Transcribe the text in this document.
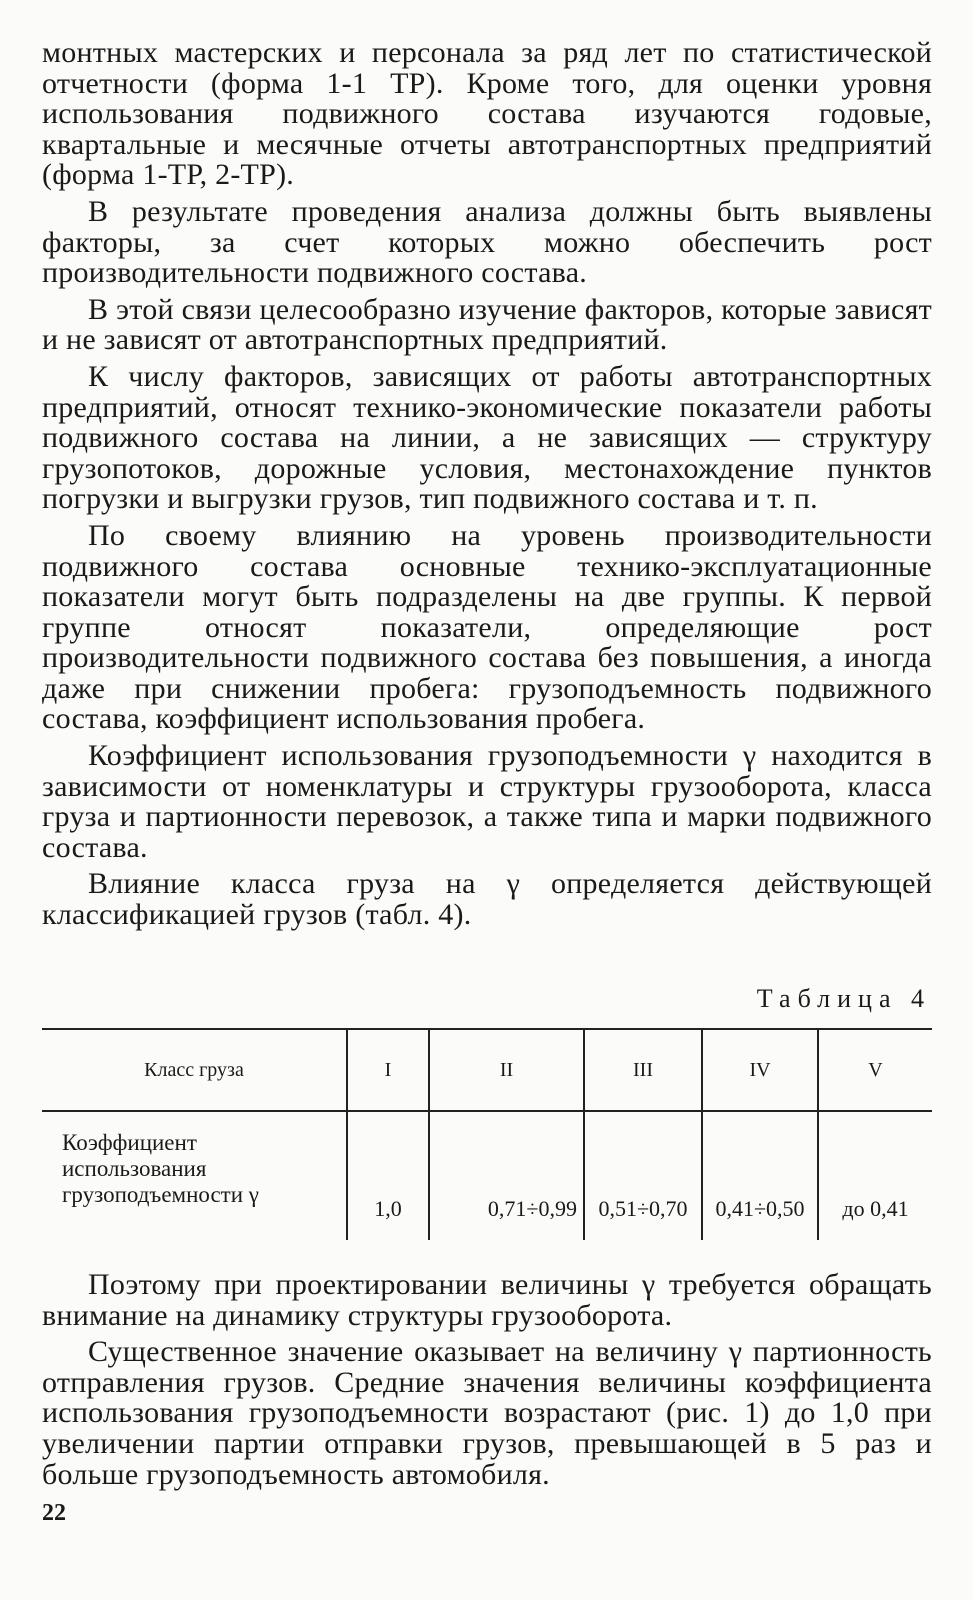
монтных мастерских и персонала за ряд лет по статистической отчетности (форма 1-1 ТР). Кроме того, для оценки уровня использования подвижного состава изучаются годовые, квартальные и месячные отчеты автотранспортных предприятий (форма 1-ТР, 2-ТР).

В результате проведения анализа должны быть выявлены факторы, за счет которых можно обеспечить рост производительности подвижного состава.

В этой связи целесообразно изучение факторов, которые зависят и не зависят от автотранспортных предприятий.

К числу факторов, зависящих от работы автотранспортных предприятий, относят технико-экономические показатели работы подвижного состава на линии, а не зависящих — структуру грузопотоков, дорожные условия, местонахождение пунктов погрузки и выгрузки грузов, тип подвижного состава и т. п.

По своему влиянию на уровень производительности подвижного состава основные технико-эксплуатационные показатели могут быть подразделены на две группы. К первой группе относят показатели, определяющие рост производительности подвижного состава без повышения, а иногда даже при снижении пробега: грузоподъемность подвижного состава, коэффициент использования пробега.

Коэффициент использования грузоподъемности γ находится в зависимости от номенклатуры и структуры грузооборота, класса груза и партионности перевозок, а также типа и марки подвижного состава.

Влияние класса груза на γ определяется действующей классификацией грузов (табл. 4).

Таблица 4
Класс груза	I	II	III	IV	V
Коэффициент использования грузоподъемности γ	1,0	0,71÷0,99	0,51÷0,70	0,41÷0,50	до 0,41

Поэтому при проектировании величины γ требуется обращать внимание на динамику структуры грузооборота.

Существенное значение оказывает на величину γ партионность отправления грузов. Средние значения величины коэффициента использования грузоподъемности возрастают (рис. 1) до 1,0 при увеличении партии отправки грузов, превышающей в 5 раз и больше грузоподъемность автомобиля.

22
